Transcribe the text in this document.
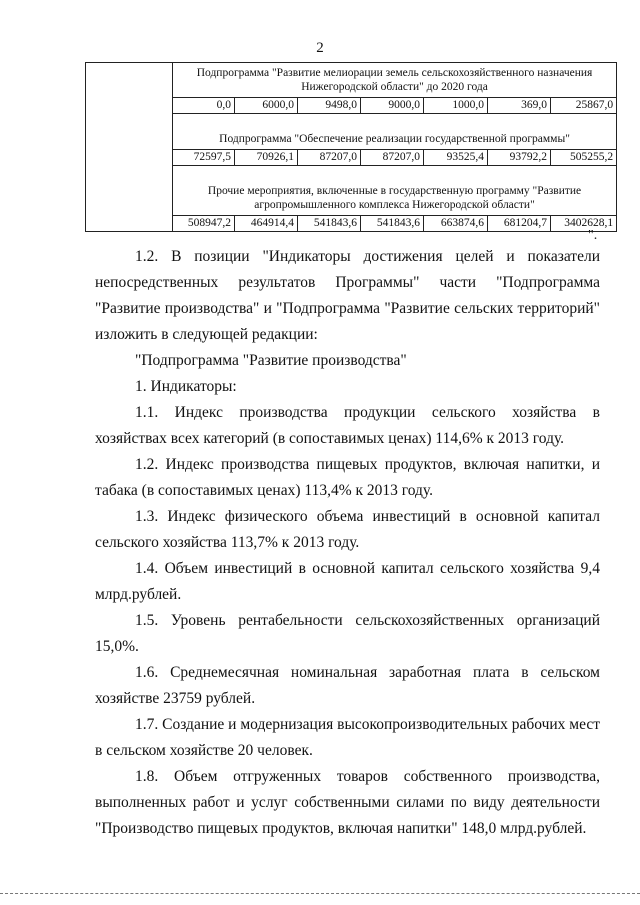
2
	Подпрограмма "Развитие мелиорации земель сельскохозяйственного назначения Нижегородской области" до 2020 года						
	0,0	6000,0	9498,0	9000,0	1000,0	369,0	25867,0
	Подпрограмма "Обеспечение реализации государственной программы"						
	72597,5	70926,1	87207,0	87207,0	93525,4	93792,2	505255,2
	Прочие мероприятия, включенные в государственную программу "Развитие агропромышленного комплекса Нижегородской области"						
	508947,2	464914,4	541843,6	541843,6	663874,6	681204,7	3402628,1
".

1.2. В позиции "Индикаторы достижения целей и показатели непосредственных результатов Программы" части "Подпрограмма "Развитие производства" и "Подпрограмма "Развитие сельских территорий" изложить в следующей редакции:

"Подпрограмма "Развитие производства"

1. Индикаторы:

1.1. Индекс производства продукции сельского хозяйства в хозяйствах всех категорий (в сопоставимых ценах) 114,6% к 2013 году.

1.2. Индекс производства пищевых продуктов, включая напитки, и табака (в сопоставимых ценах) 113,4% к 2013 году.

1.3. Индекс физического объема инвестиций в основной капитал сельского хозяйства 113,7% к 2013 году.

1.4. Объем инвестиций в основной капитал сельского хозяйства 9,4 млрд.рублей.

1.5. Уровень рентабельности сельскохозяйственных организаций 15,0%.

1.6. Среднемесячная номинальная заработная плата в сельском хозяйстве 23759 рублей.

1.7. Создание и модернизация высокопроизводительных рабочих мест в сельском хозяйстве 20 человек.

1.8. Объем отгруженных товаров собственного производства, выполненных работ и услуг собственными силами по виду деятельности "Производство пищевых продуктов, включая напитки" 148,0 млрд.рублей.
